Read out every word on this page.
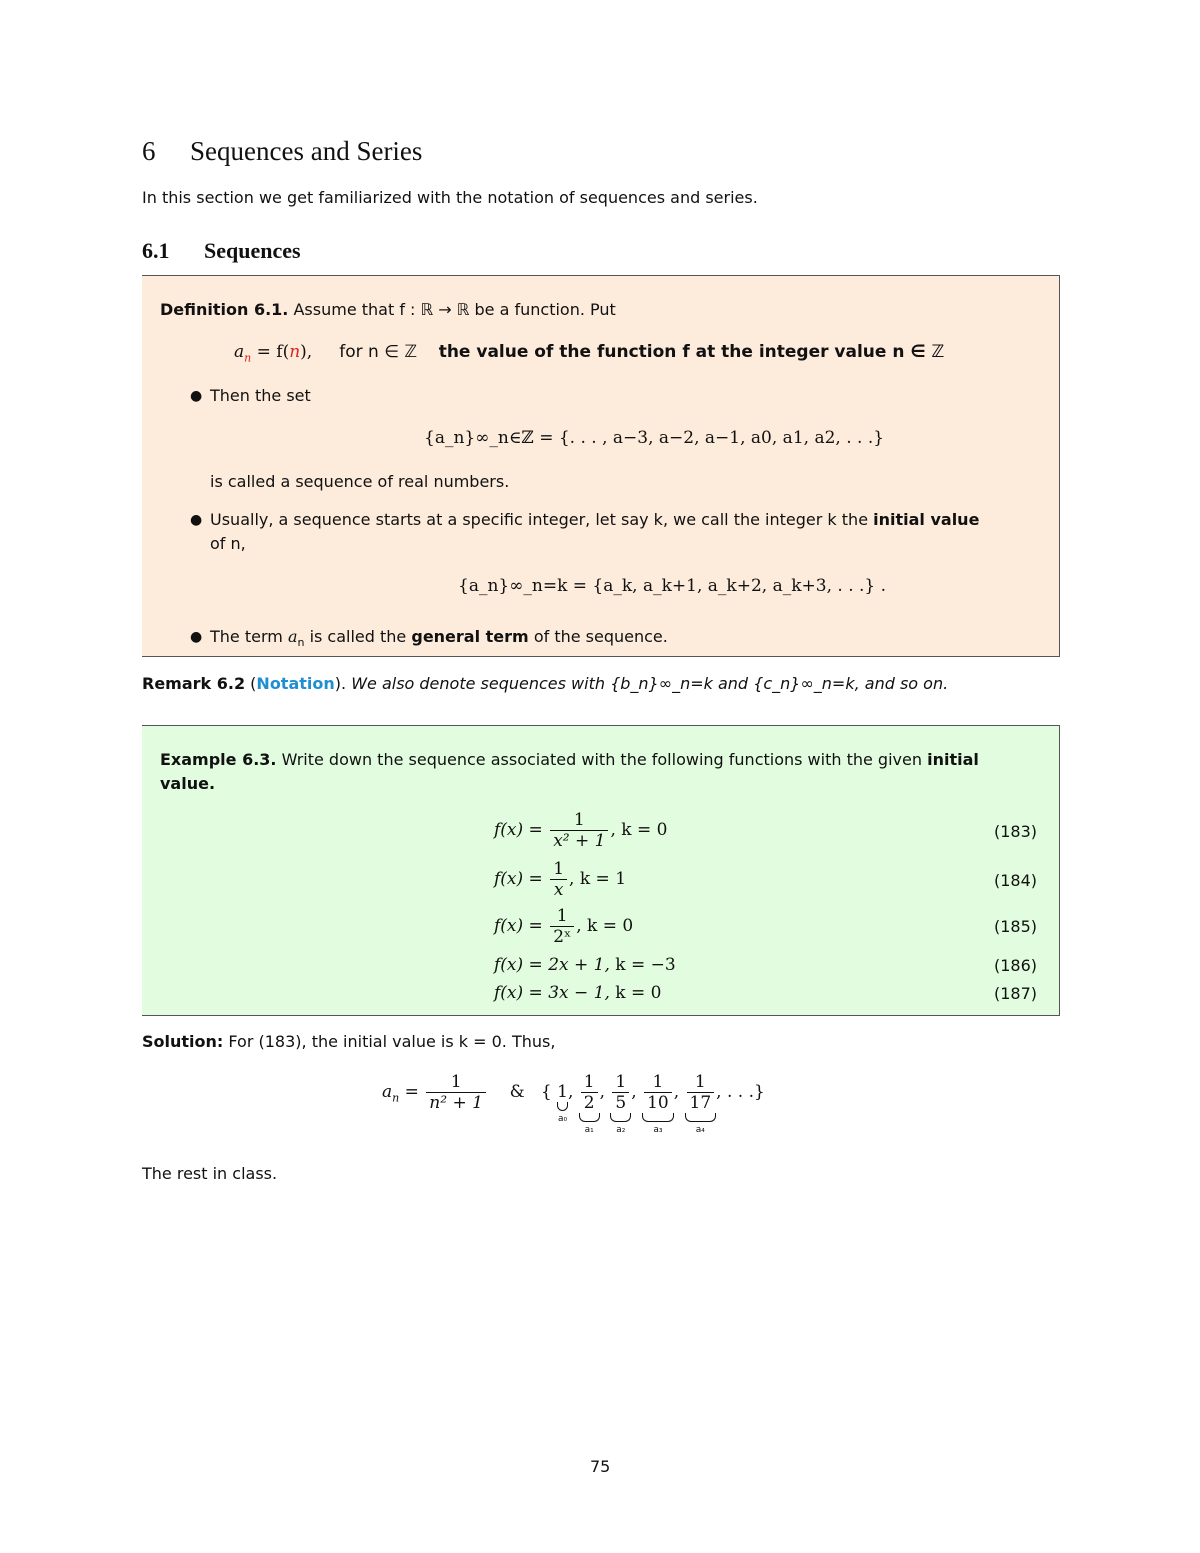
6 Sequences and Series
In this section we get familiarized with the notation of sequences and series.
6.1 Sequences
Definition 6.1. Assume that f : ℝ → ℝ be a function. Put
$a_n = f(n)$, for n ∈ ℤ the value of the function f at the integer value n ∈ ℤ
● Then the set
{a_n}∞_n∈ℤ = {. . . , a−3, a−2, a−1, a0, a1, a2, . . .}
is called a sequence of real numbers.
● Usually, a sequence starts at a specific integer, let say k, we call the integer k the initial value
of n,
{a_n}∞_n=k = {a_k, a_k+1, a_k+2, a_k+3, . . .} .
● The term $a_n$ is called the general term of the sequence.
Remark 6.2 (Notation). We also denote sequences with {b_n}∞_n=k and {c_n}∞_n=k, and so on.
Example 6.3. Write down the sequence associated with the following functions with the given initial
value.
$f(x) = \frac{1}{\text{x² + 1}}$ , k = 0	(183)
$f(x) = \frac{1}{x}$ , k = 1	(184)
$f(x) = \frac{1}{\text{2ˣ}}$ , k = 0	(185)
f(x) = 2x + 1, k = −3	(186)
f(x) = 3x − 1, k = 0	(187)
Solution: For (183), the initial value is k = 0. Thus,
$a_n = \frac{1}{\text{n² + 1}}$ &   { 1
a₀
, $\frac{1}{2}$
a₁
, $\frac{1}{5}$
a₂
, $\frac{1}{10}$
a₃
, $\frac{1}{17}$
a₄
, . . .}
The rest in class.
75
